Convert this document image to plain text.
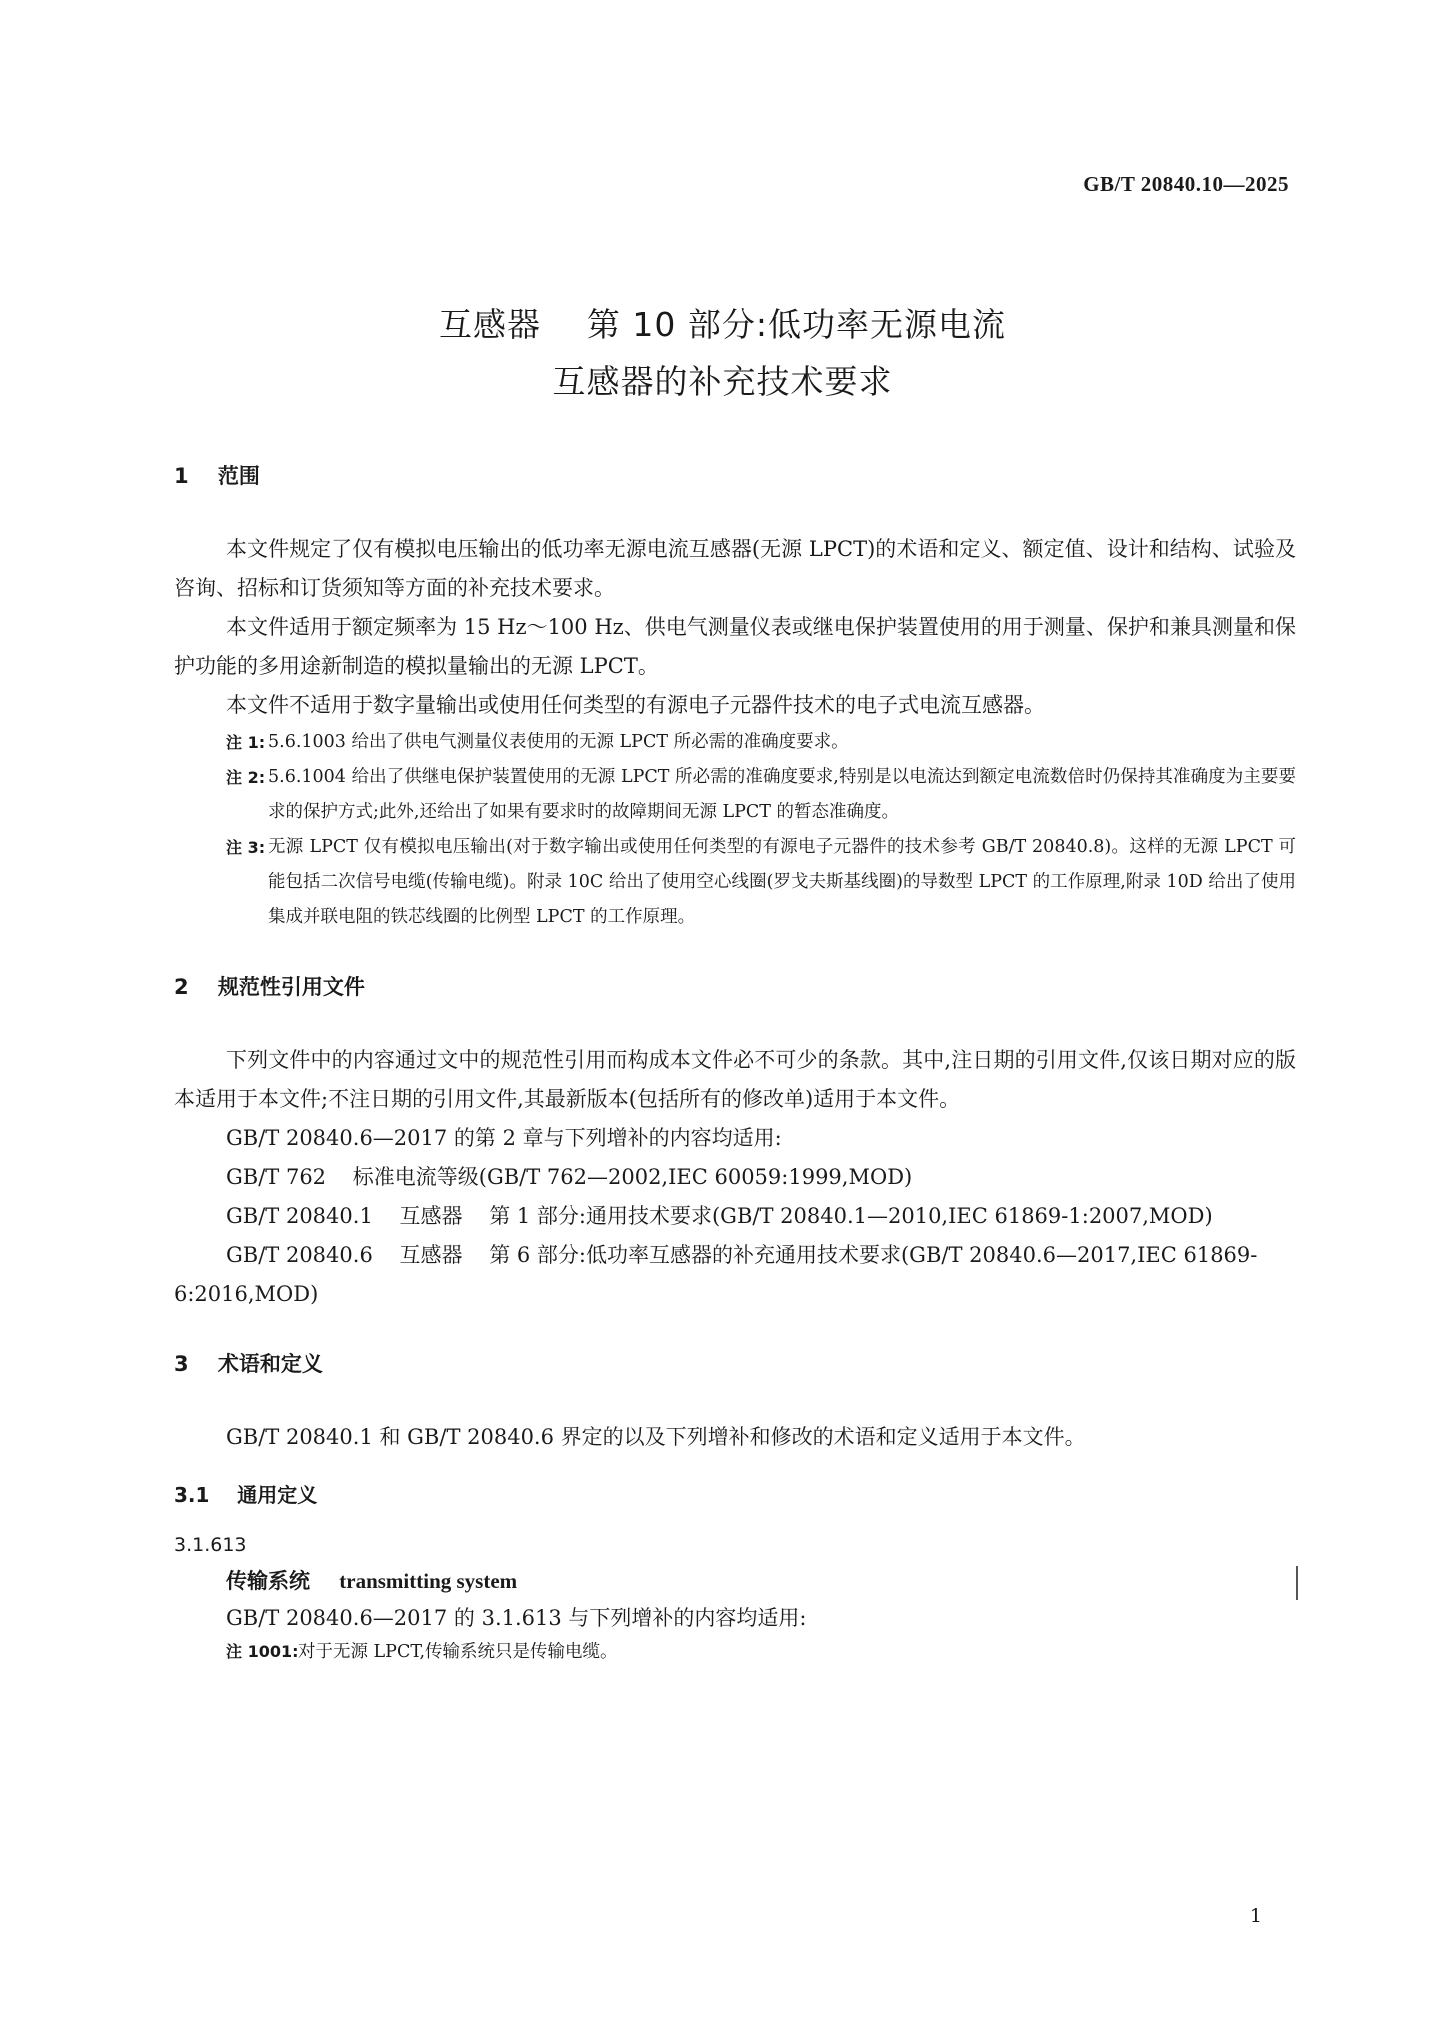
GB/T 20840.10—2025
互感器    第 10 部分:低功率无源电流
互感器的补充技术要求
1    范围

本文件规定了仅有模拟电压输出的低功率无源电流互感器(无源 LPCT)的术语和定义、额定值、设计和结构、试验及咨询、招标和订货须知等方面的补充技术要求。

本文件适用于额定频率为 15 Hz～100 Hz、供电气测量仪表或继电保护装置使用的用于测量、保护和兼具测量和保护功能的多用途新制造的模拟量输出的无源 LPCT。

本文件不适用于数字量输出或使用任何类型的有源电子元器件技术的电子式电流互感器。

注 1: 5.6.1003 给出了供电气测量仪表使用的无源 LPCT 所必需的准确度要求。

注 2: 5.6.1004 给出了供继电保护装置使用的无源 LPCT 所必需的准确度要求,特别是以电流达到额定电流数倍时仍保持其准确度为主要要求的保护方式;此外,还给出了如果有要求时的故障期间无源 LPCT 的暂态准确度。

注 3: 无源 LPCT 仅有模拟电压输出(对于数字输出或使用任何类型的有源电子元器件的技术参考 GB/T 20840.8)。这样的无源 LPCT 可能包括二次信号电缆(传输电缆)。附录 10C 给出了使用空心线圈(罗戈夫斯基线圈)的导数型 LPCT 的工作原理,附录 10D 给出了使用集成并联电阻的铁芯线圈的比例型 LPCT 的工作原理。

2    规范性引用文件

下列文件中的内容通过文中的规范性引用而构成本文件必不可少的条款。其中,注日期的引用文件,仅该日期对应的版本适用于本文件;不注日期的引用文件,其最新版本(包括所有的修改单)适用于本文件。

GB/T 20840.6—2017 的第 2 章与下列增补的内容均适用:

GB/T 762    标准电流等级(GB/T 762—2002,IEC 60059:1999,MOD)

GB/T 20840.1    互感器    第 1 部分:通用技术要求(GB/T 20840.1—2010,IEC 61869-1:2007,MOD)

GB/T 20840.6    互感器    第 6 部分:低功率互感器的补充通用技术要求(GB/T 20840.6—2017,IEC 61869-6:2016,MOD)

3    术语和定义

GB/T 20840.1 和 GB/T 20840.6 界定的以及下列增补和修改的术语和定义适用于本文件。

3.1    通用定义
3.1.613
传输系统 transmitting system

GB/T 20840.6—2017 的 3.1.613 与下列增补的内容均适用:

注 1001: 对于无源 LPCT,传输系统只是传输电缆。

1
